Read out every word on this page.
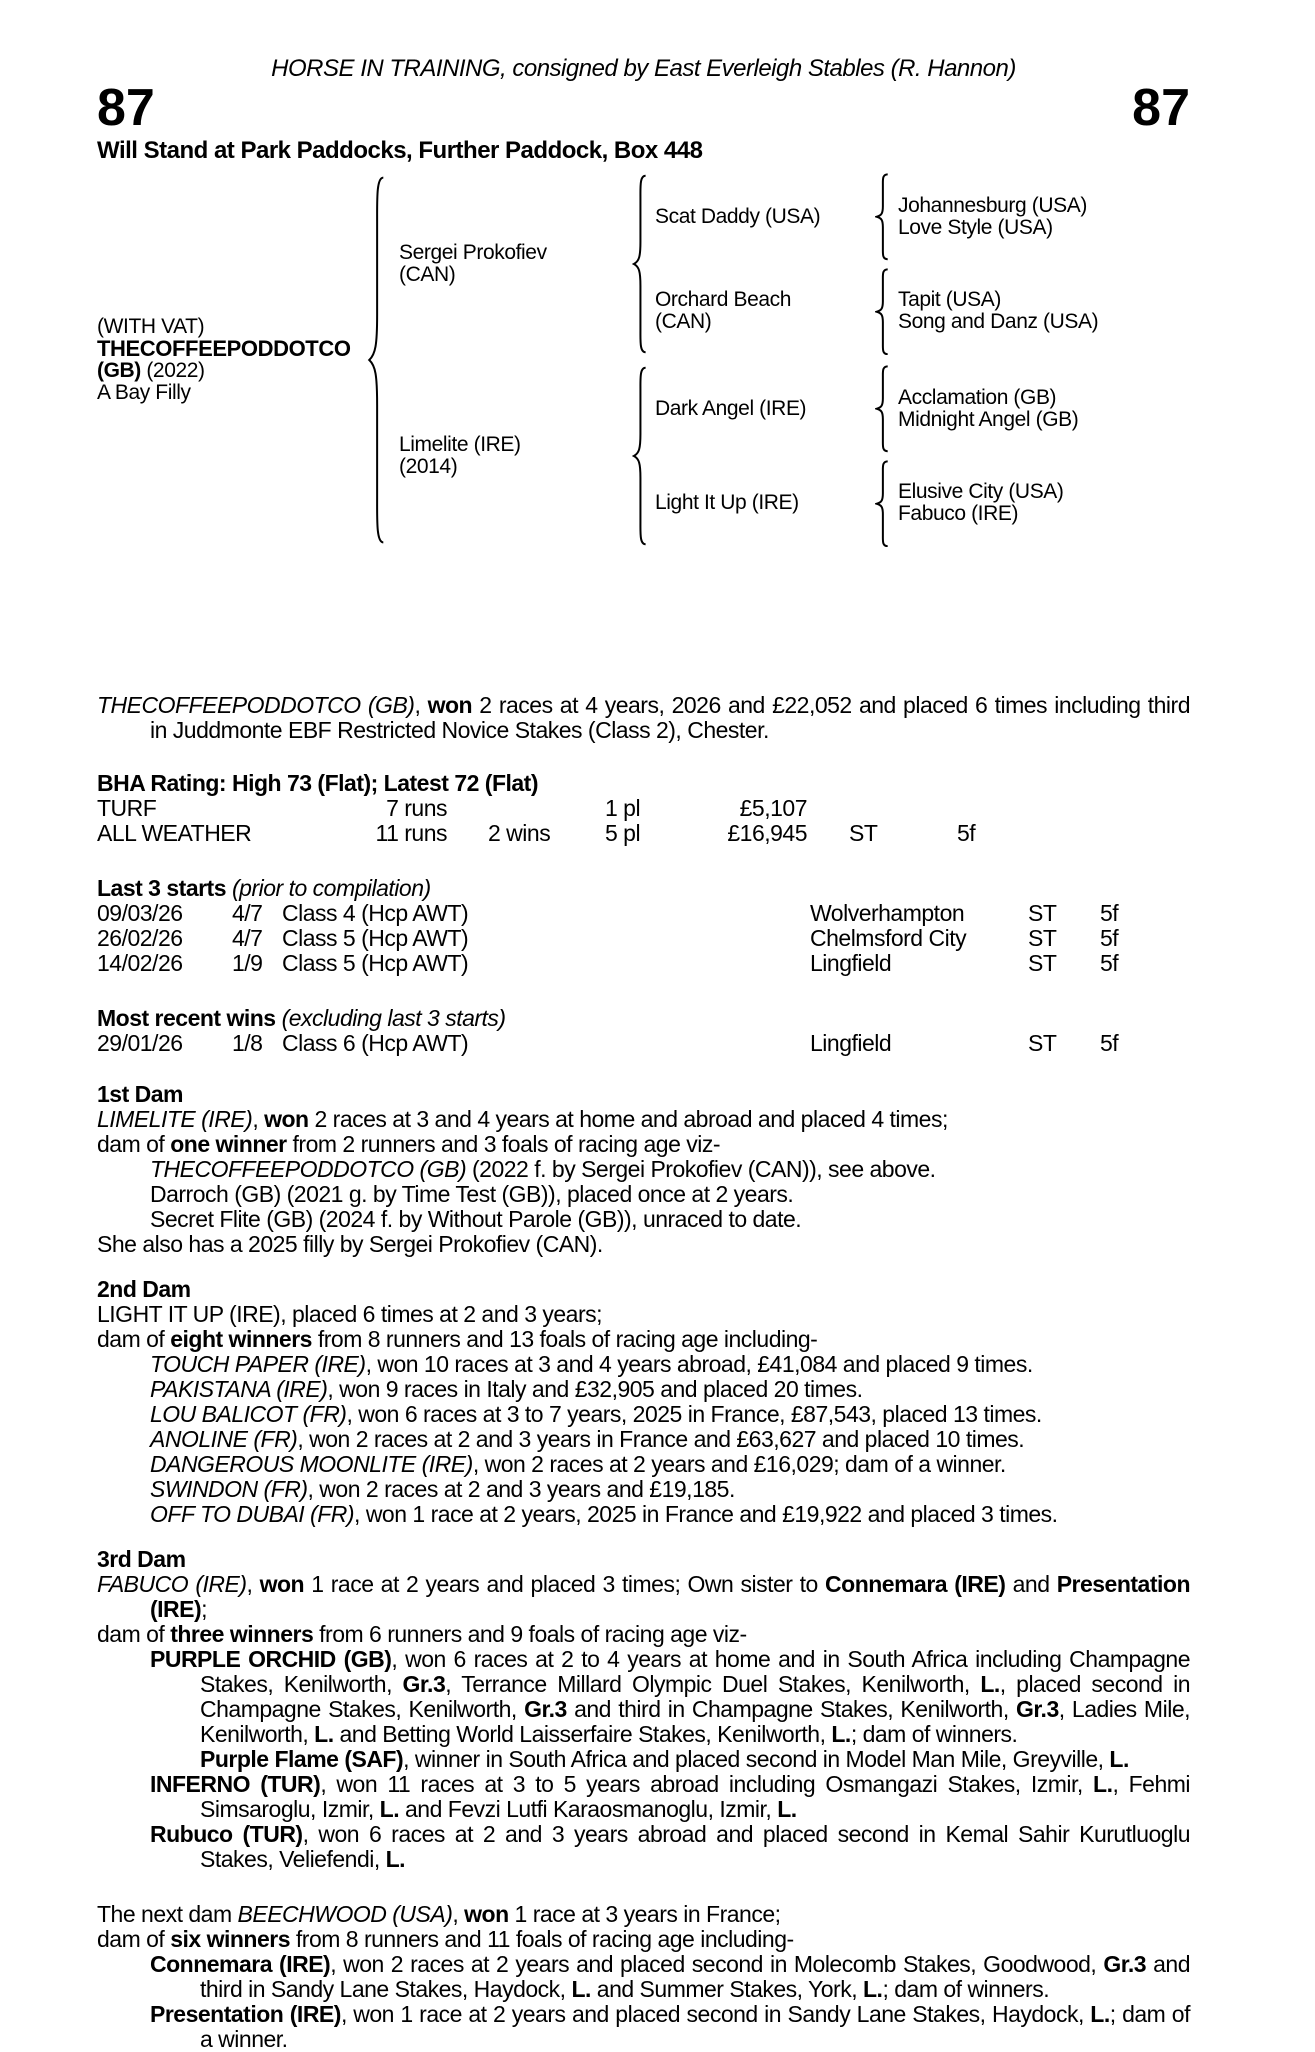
HORSE IN TRAINING, consigned by East Everleigh Stables (R. Hannon)
87	87
Will Stand at Park Paddocks, Further Paddock, Box 448
(WITH VAT)
THECOFFEEPODDOTCO
(GB) (2022)
A Bay Filly
Sergei Prokofiev (CAN)
Scat Daddy (USA)	Johannesburg (USA)
Love Style (USA)
Orchard Beach (CAN)
Tapit (USA)
Song and Danz (USA)
Limelite (IRE) (2014)
Dark Angel (IRE)	Acclamation (GB)
Midnight Angel (GB)
Light It Up (IRE)	Elusive City (USA)
Fabuco (IRE)
THECOFFEEPODDOTCO (GB), won 2 races at 4 years, 2026 and £22,052 and placed 6 times including third in Juddmonte EBF Restricted Novice Stakes (Class 2), Chester.
BHA Rating: High 73 (Flat); Latest 72 (Flat)
TURF	7 runs	1 pl	£5,107
ALL WEATHER	11 runs 2 wins 5 pl	£16,945 ST	5f
Last 3 starts (prior to compilation)
09/03/26 4/7 Class 4 (Hcp AWT)	Wolverhampton	ST 5f
26/02/26 4/7 Class 5 (Hcp AWT)	Chelmsford City	ST 5f
14/02/26 1/9 Class 5 (Hcp AWT)	Lingfield	ST 5f
Most recent wins (excluding last 3 starts)
29/01/26 1/8 Class 6 (Hcp AWT)	Lingfield	ST 5f
1st Dam
LIMELITE (IRE), won 2 races at 3 and 4 years at home and abroad and placed 4 times;
dam of one winner from 2 runners and 3 foals of racing age viz-
THECOFFEEPODDOTCO (GB) (2022 f. by Sergei Prokofiev (CAN)), see above.
Darroch (GB) (2021 g. by Time Test (GB)), placed once at 2 years.
Secret Flite (GB) (2024 f. by Without Parole (GB)), unraced to date.
She also has a 2025 filly by Sergei Prokofiev (CAN).
2nd Dam
LIGHT IT UP (IRE), placed 6 times at 2 and 3 years;
dam of eight winners from 8 runners and 13 foals of racing age including-
TOUCH PAPER (IRE), won 10 races at 3 and 4 years abroad, £41,084 and placed 9 times.
PAKISTANA (IRE), won 9 races in Italy and £32,905 and placed 20 times.
LOU BALICOT (FR), won 6 races at 3 to 7 years, 2025 in France, £87,543, placed 13 times.
ANOLINE (FR), won 2 races at 2 and 3 years in France and £63,627 and placed 10 times.
DANGEROUS MOONLITE (IRE), won 2 races at 2 years and £16,029; dam of a winner.
SWINDON (FR), won 2 races at 2 and 3 years and £19,185.
OFF TO DUBAI (FR), won 1 race at 2 years, 2025 in France and £19,922 and placed 3 times.
3rd Dam
FABUCO (IRE), won 1 race at 2 years and placed 3 times; Own sister to Connemara (IRE) and Presentation (IRE);
dam of three winners from 6 runners and 9 foals of racing age viz-
PURPLE ORCHID (GB), won 6 races at 2 to 4 years at home and in South Africa including Champagne Stakes, Kenilworth, Gr.3, Terrance Millard Olympic Duel Stakes, Kenilworth, L., placed second in Champagne Stakes, Kenilworth, Gr.3 and third in Champagne Stakes, Kenilworth, Gr.3, Ladies Mile, Kenilworth, L. and Betting World Laisserfaire Stakes, Kenilworth, L.; dam of winners.
Purple Flame (SAF), winner in South Africa and placed second in Model Man Mile, Greyville, L.
INFERNO (TUR), won 11 races at 3 to 5 years abroad including Osmangazi Stakes, Izmir, L., Fehmi Simsaroglu, Izmir, L. and Fevzi Lutfi Karaosmanoglu, Izmir, L.
Rubuco (TUR), won 6 races at 2 and 3 years abroad and placed second in Kemal Sahir Kurutluoglu Stakes, Veliefendi, L.
The next dam BEECHWOOD (USA), won 1 race at 3 years in France;
dam of six winners from 8 runners and 11 foals of racing age including-
Connemara (IRE), won 2 races at 2 years and placed second in Molecomb Stakes, Goodwood, Gr.3 and third in Sandy Lane Stakes, Haydock, L. and Summer Stakes, York, L.; dam of winners.
Presentation (IRE), won 1 race at 2 years and placed second in Sandy Lane Stakes, Haydock, L.; dam of a winner.
